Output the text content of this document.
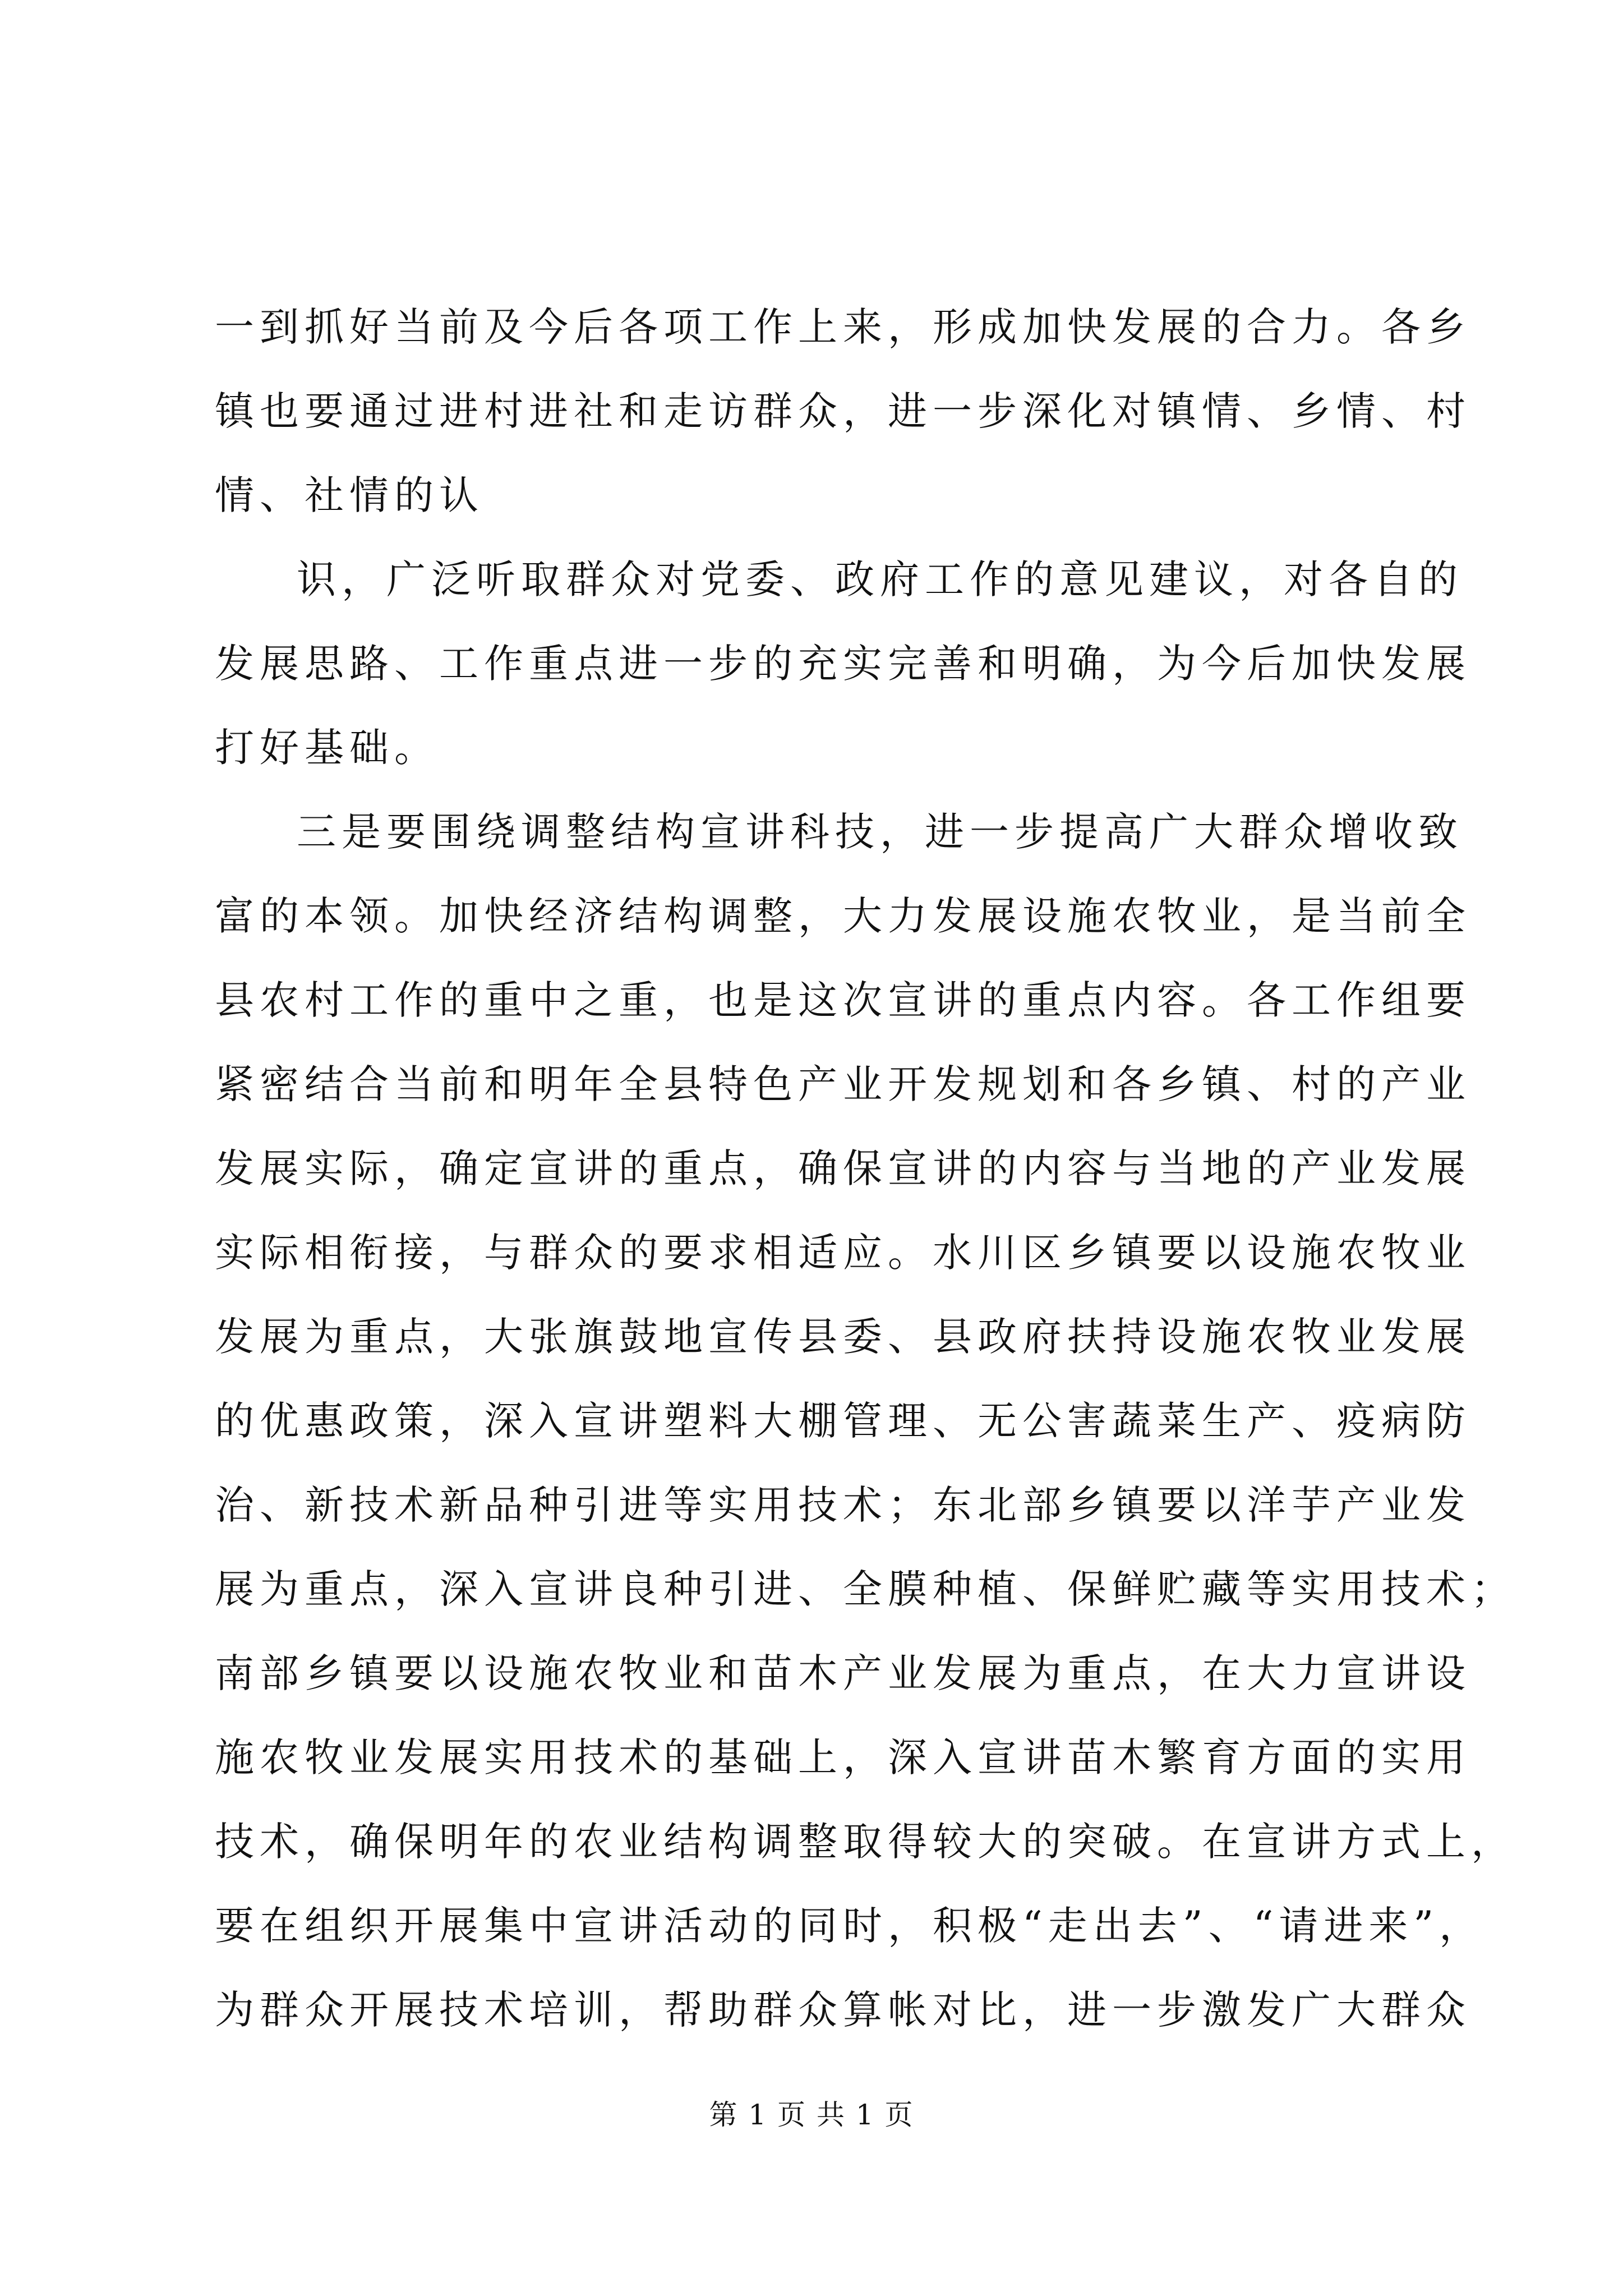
一到抓好当前及今后各项工作上来，形成加快发展的合力。各乡
镇也要通过进村进社和走访群众，进一步深化对镇情、乡情、村
情、社情的认
识，广泛听取群众对党委、政府工作的意见建议，对各自的
发展思路、工作重点进一步的充实完善和明确，为今后加快发展
打好基础。
三是要围绕调整结构宣讲科技，进一步提高广大群众增收致
富的本领。加快经济结构调整，大力发展设施农牧业，是当前全
县农村工作的重中之重，也是这次宣讲的重点内容。各工作组要
紧密结合当前和明年全县特色产业开发规划和各乡镇、村的产业
发展实际，确定宣讲的重点，确保宣讲的内容与当地的产业发展
实际相衔接，与群众的要求相适应。水川区乡镇要以设施农牧业
发展为重点，大张旗鼓地宣传县委、县政府扶持设施农牧业发展
的优惠政策，深入宣讲塑料大棚管理、无公害蔬菜生产、疫病防
治、新技术新品种引进等实用技术；东北部乡镇要以洋芋产业发
展为重点，深入宣讲良种引进、全膜种植、保鲜贮藏等实用技术；
南部乡镇要以设施农牧业和苗木产业发展为重点，在大力宣讲设
施农牧业发展实用技术的基础上，深入宣讲苗木繁育方面的实用
技术，确保明年的农业结构调整取得较大的突破。在宣讲方式上，
要在组织开展集中宣讲活动的同时，积极“走出去”、“请进来”，
为群众开展技术培训，帮助群众算帐对比，进一步激发广大群众
第 1 页 共 1 页
